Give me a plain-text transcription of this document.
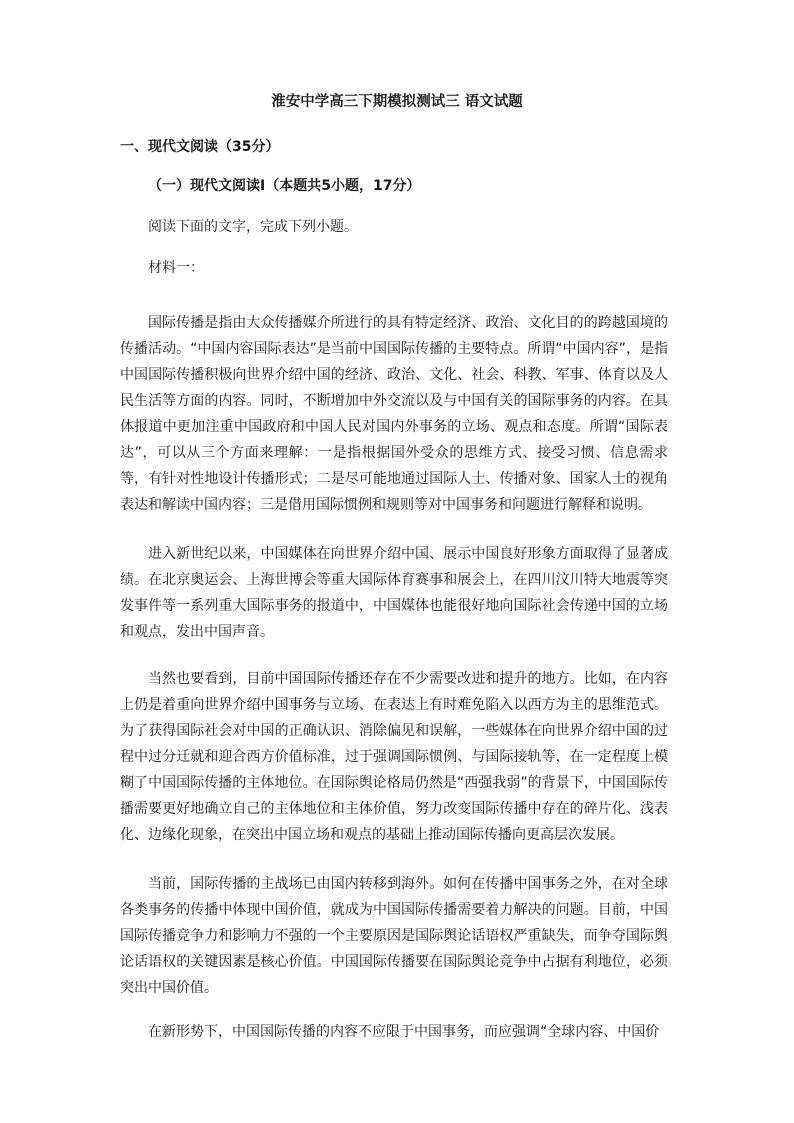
淮安中学高三下期模拟测试三 语文试题
一、现代文阅读（35分）
（一）现代文阅读Ⅰ（本题共5小题，17分）
阅读下面的文字，完成下列小题。
材料一：

国际传播是指由大众传播媒介所进行的具有特定经济、政治、文化目的的跨越国境的传播活动。“中国内容国际表达”是当前中国国际传播的主要特点。所谓“中国内容”，是指中国国际传播积极向世界介绍中国的经济、政治、文化、社会、科教、军事、体育以及人民生活等方面的内容。同时，不断增加中外交流以及与中国有关的国际事务的内容。在具体报道中更加注重中国政府和中国人民对国内外事务的立场、观点和态度。所谓“国际表达”，可以从三个方面来理解：一是指根据国外受众的思维方式、接受习惯、信息需求等，有针对性地设计传播形式；二是尽可能地通过国际人士、传播对象、国家人士的视角表达和解读中国内容；三是借用国际惯例和规则等对中国事务和问题进行解释和说明。

进入新世纪以来，中国媒体在向世界介绍中国、展示中国良好形象方面取得了显著成绩。在北京奥运会、上海世博会等重大国际体育赛事和展会上，在四川汶川特大地震等突发事件等一系列重大国际事务的报道中，中国媒体也能很好地向国际社会传递中国的立场和观点，发出中国声音。

当然也要看到，目前中国国际传播还存在不少需要改进和提升的地方。比如，在内容上仍是着重向世界介绍中国事务与立场、在表达上有时难免陷入以西方为主的思维范式。为了获得国际社会对中国的正确认识、消除偏见和误解，一些媒体在向世界介绍中国的过程中过分迁就和迎合西方价值标准，过于强调国际惯例、与国际接轨等，在一定程度上模糊了中国国际传播的主体地位。在国际舆论格局仍然是“西强我弱”的背景下，中国国际传播需要更好地确立自己的主体地位和主体价值，努力改变国际传播中存在的碎片化、浅表化、边缘化现象，在突出中国立场和观点的基础上推动国际传播向更高层次发展。

当前，国际传播的主战场已由国内转移到海外。如何在传播中国事务之外，在对全球各类事务的传播中体现中国价值，就成为中国国际传播需要着力解决的问题。目前，中国国际传播竞争力和影响力不强的一个主要原因是国际舆论话语权严重缺失，而争夺国际舆论话语权的关键因素是核心价值。中国国际传播要在国际舆论竞争中占据有利地位，必须突出中国价值。

在新形势下，中国国际传播的内容不应限于中国事务，而应强调“全球内容、中国价
